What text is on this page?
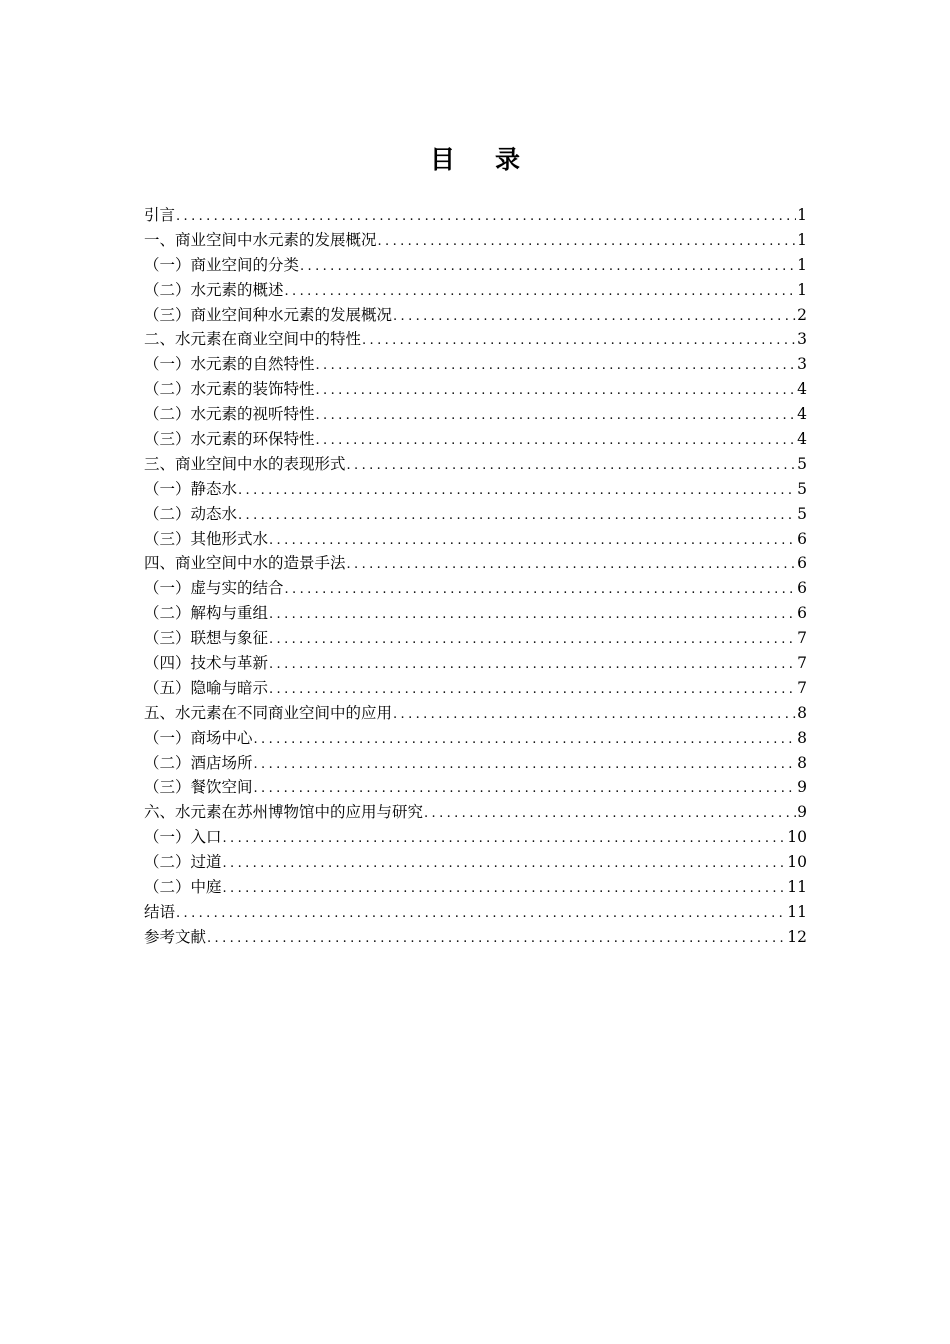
目录
引言 .....	1
一、商业空间中水元素的发展概况 .....	1
（一）商业空间的分类 .....	1
（二）水元素的概述 .....	1
（三）商业空间种水元素的发展概况 .....	2
二、水元素在商业空间中的特性 .....	3
（一）水元素的自然特性 .....	3
（二）水元素的装饰特性 .....	4
（二）水元素的视听特性 .....	4
（三）水元素的环保特性 .....	4
三、商业空间中水的表现形式 .....	5
（一）静态水 .....	5
（二）动态水 .....	5
（三）其他形式水 .....	6
四、商业空间中水的造景手法 .....	6
（一）虚与实的结合 .....	6
（二）解构与重组 .....	6
（三）联想与象征 .....	7
（四）技术与革新 .....	7
（五）隐喻与暗示 .....	7
五、水元素在不同商业空间中的应用 .....	8
（一）商场中心 .....	8
（二）酒店场所 .....	8
（三）餐饮空间 .....	9
六、水元素在苏州博物馆中的应用与研究 .....	9
（一）入口 .....	10
（二）过道 .....	10
（二）中庭 .....	11
结语 .....	11
参考文献 .....	12
